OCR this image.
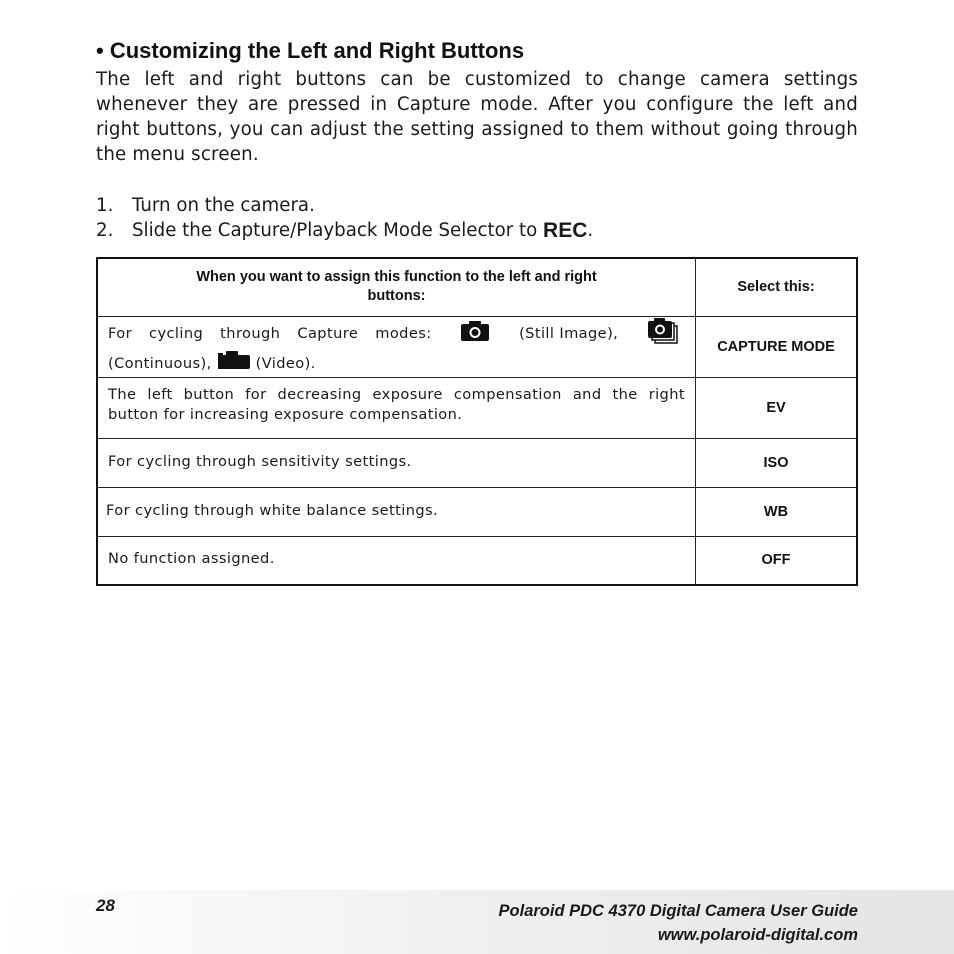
• Customizing the Left and Right Buttons
The left and right buttons can be customized to change camera settings whenever they are pressed in Capture mode. After you configure the left and right buttons, you can adjust the setting assigned to them without going through the menu screen.
1.	Turn on the camera.
2.	Slide the Capture/Playback Mode Selector to REC .
When you want to assign this function to the left and right buttons:	Select this:

For cycling through Capture modes: (Still Image),
(Continuous), (Video).	CAPTURE MODE

The left button for decreasing exposure compensation and the right button for increasing exposure compensation.	EV

For cycling through sensitivity settings.	ISO

For cycling through white balance settings.	WB

No function assigned.	OFF
28	Polaroid PDC 4370 Digital Camera User Guide
www.polaroid-digital.com
